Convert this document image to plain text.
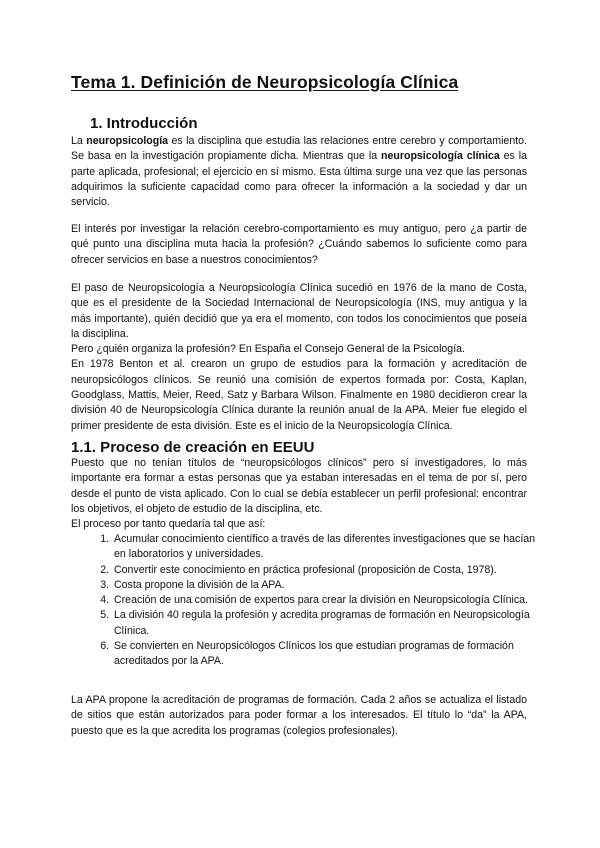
Tema 1. Definición de Neuropsicología Clínica
1. Introducción

La neuropsicología es la disciplina que estudia las relaciones entre cerebro y comportamiento. Se basa en la investigación propiamente dicha. Mientras que la neuropsicología clínica es la parte aplicada, profesional; el ejercicio en sí mismo. Esta última surge una vez que las personas adquirimos la suficiente capacidad como para ofrecer la información a la sociedad y dar un servicio.

El interés por investigar la relación cerebro-comportamiento es muy antiguo, pero ¿a partir de qué punto una disciplina muta hacia la profesión? ¿Cuándo sabemos lo suficiente como para ofrecer servicios en base a nuestros conocimientos?

El paso de Neuropsicología a Neuropsicología Clínica sucedió en 1976 de la mano de Costa, que es el presidente de la Sociedad Internacional de Neuropsicología (INS, muy antigua y la más importante), quién decidió que ya era el momento, con todos los conocimientos que poseía la disciplina.
Pero ¿quién organiza la profesión? En España el Consejo General de la Psicología.
En 1978 Benton et al. crearon un grupo de estudios para la formación y acreditación de neuropsicólogos clínicos. Se reunió una comisión de expertos formada por: Costa, Kaplan, Goodglass, Mattis, Meier, Reed, Satz y Barbara Wilson. Finalmente en 1980 decidieron crear la división 40 de Neuropsicología Clínica durante la reunión anual de la APA. Meier fue elegido el primer presidente de esta división. Este es el inicio de la Neuropsicología Clínica.

1.1. Proceso de creación en EEUU

Puesto que no tenían títulos de “neuropsicólogos clínicos” pero sí investigadores, lo más importante era formar a estas personas que ya estaban interesadas en el tema de por sí, pero desde el punto de vista aplicado. Con lo cual se debía establecer un perfil profesional: encontrar los objetivos, el objeto de estudio de la disciplina, etc.
El proceso por tanto quedaría tal que así:

1. Acumular conocimiento científico a través de las diferentes investigaciones que se hacían en laboratorios y universidades.
2. Convertir este conocimiento en práctica profesional (proposición de Costa, 1978).
3. Costa propone la división de la APA.
4. Creación de una comisión de expertos para crear la división en Neuropsicología Clínica.
5. La división 40 regula la profesión y acredita programas de formación en Neuropsicología Clínica.
6. Se convierten en Neuropsicólogos Clínicos los que estudian programas de formación acreditados por la APA.

La APA propone la acreditación de programas de formación. Cada 2 años se actualiza el listado de sitios que están autorizados para poder formar a los interesados. El título lo “da” la APA, puesto que es la que acredita los programas (colegios profesionales).
